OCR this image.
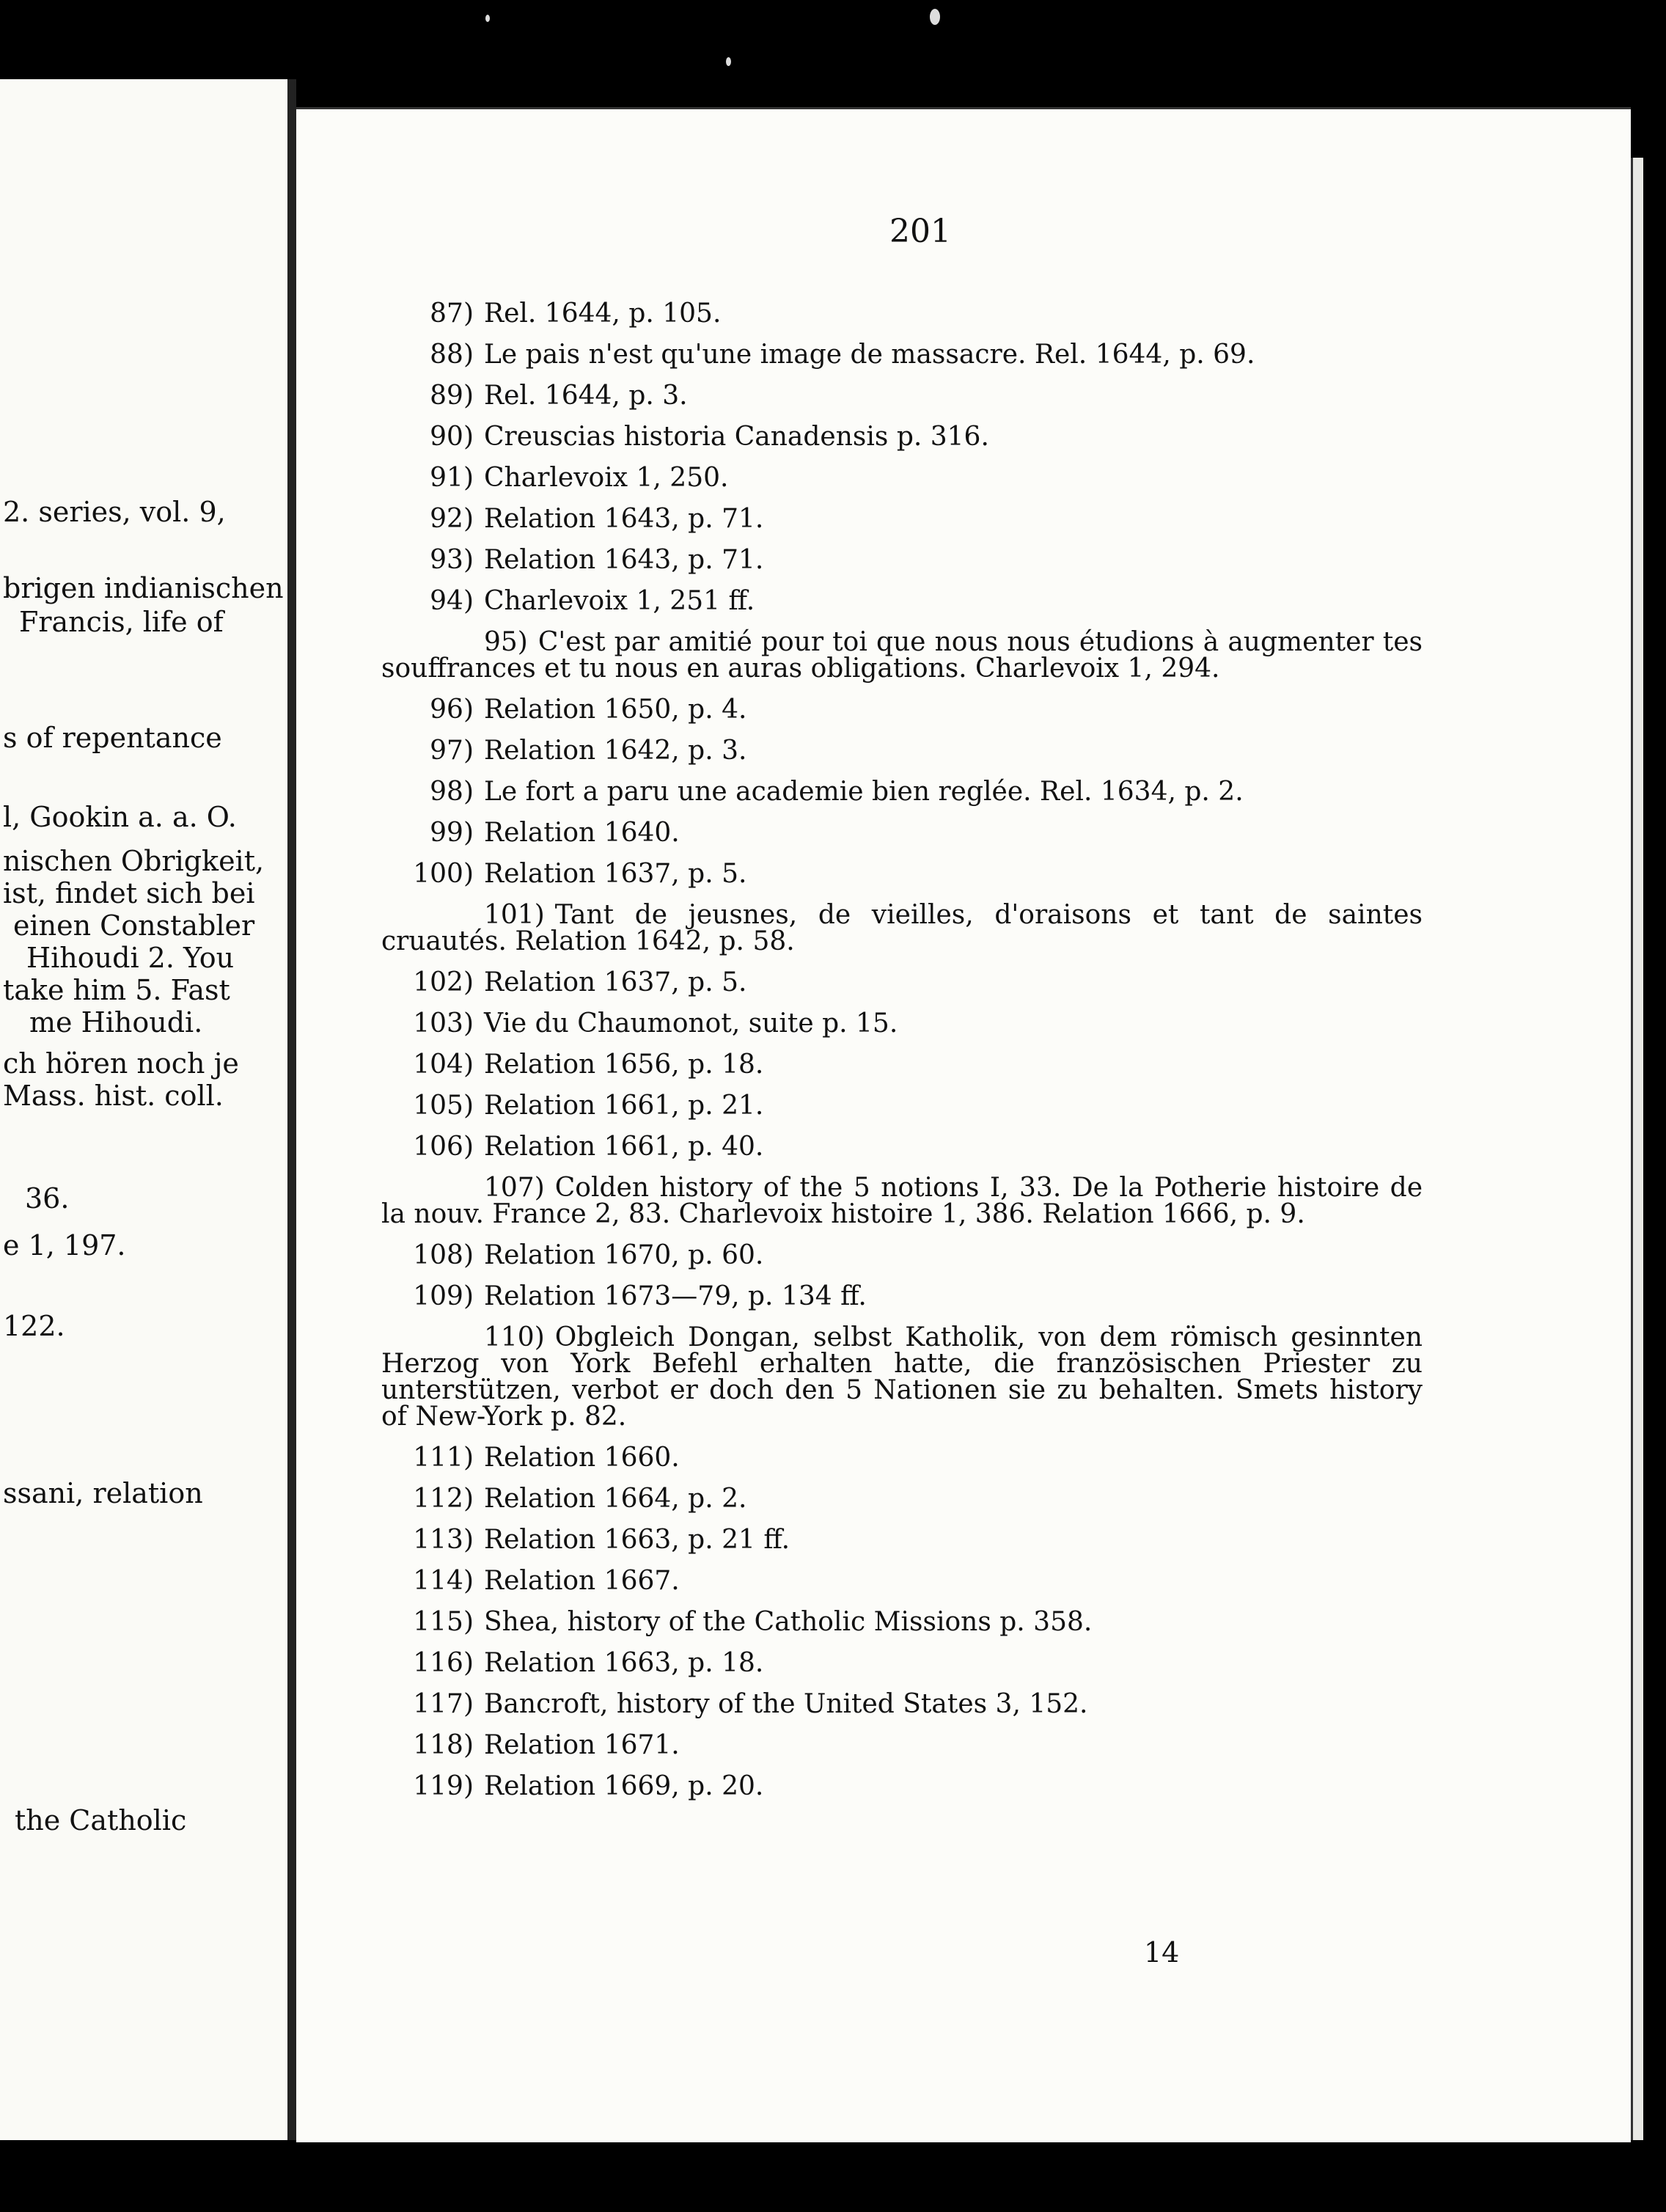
2. series, vol. 9,
brigen indianischen
Francis, life of
s of repentance
l, Gookin a. a. O.
nischen Obrigkeit,
ist, findet sich bei
einen Constabler
Hihoudi 2. You
take him 5. Fast
me Hihoudi.
ch hören noch je
Mass. hist. coll.
36.
e 1, 197.
122.
ssani, relation
the Catholic
201
87) Rel. 1644, p. 105.
88) Le pais n'est qu'une image de massacre. Rel. 1644, p. 69.
89) Rel. 1644, p. 3.
90) Creuscias historia Canadensis p. 316.
91) Charlevoix 1, 250.
92) Relation 1643, p. 71.
93) Relation 1643, p. 71.
94) Charlevoix 1, 251 ff.
95) C'est par amitié pour toi que nous nous étudions à augmenter tes souffrances et tu nous en auras obligations. Charlevoix 1, 294.
96) Relation 1650, p. 4.
97) Relation 1642, p. 3.
98) Le fort a paru une academie bien reglée. Rel. 1634, p. 2.
99) Relation 1640.
100) Relation 1637, p. 5.
101) Tant de jeusnes, de vieilles, d'oraisons et tant de saintes cruautés. Relation 1642, p. 58.
102) Relation 1637, p. 5.
103) Vie du Chaumonot, suite p. 15.
104) Relation 1656, p. 18.
105) Relation 1661, p. 21.
106) Relation 1661, p. 40.
107) Colden history of the 5 notions I, 33. De la Potherie histoire de la nouv. France 2, 83. Charlevoix histoire 1, 386. Relation 1666, p. 9.
108) Relation 1670, p. 60.
109) Relation 1673—79, p. 134 ff.
110) Obgleich Dongan, selbst Katholik, von dem römisch gesinnten Herzog von York Befehl erhalten hatte, die französischen Priester zu unterstützen, verbot er doch den 5 Nationen sie zu behalten. Smets history of New-York p. 82.
111) Relation 1660.
112) Relation 1664, p. 2.
113) Relation 1663, p. 21 ff.
114) Relation 1667.
115) Shea, history of the Catholic Missions p. 358.
116) Relation 1663, p. 18.
117) Bancroft, history of the United States 3, 152.
118) Relation 1671.
119) Relation 1669, p. 20.
14
